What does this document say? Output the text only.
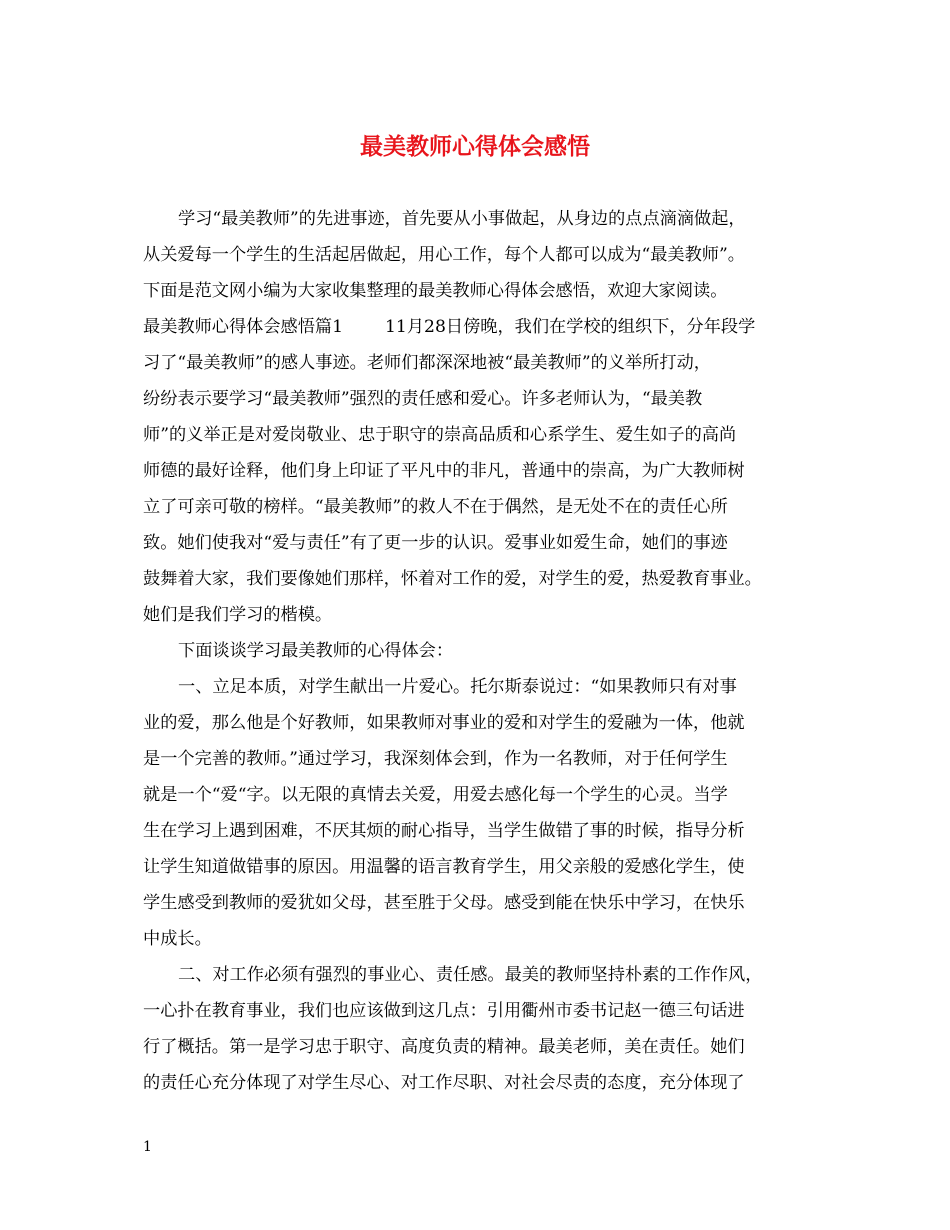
最美教师心得体会感悟
学习“最美教师”的先进事迹，首先要从小事做起，从身边的点点滴滴做起，
从关爱每一个学生的生活起居做起，用心工作，每个人都可以成为“最美教师”。
下面是范文网小编为大家收集整理的最美教师心得体会感悟，欢迎大家阅读。
最美教师心得体会感悟篇1 11月28日傍晚，我们在学校的组织下，分年段学
习了“最美教师”的感人事迹。老师们都深深地被“最美教师”的义举所打动，
纷纷表示要学习“最美教师”强烈的责任感和爱心。许多老师认为，“最美教
师”的义举正是对爱岗敬业、忠于职守的崇高品质和心系学生、爱生如子的高尚
师德的最好诠释，他们身上印证了平凡中的非凡，普通中的崇高，为广大教师树
立了可亲可敬的榜样。“最美教师”的救人不在于偶然，是无处不在的责任心所
致。她们使我对“爱与责任”有了更一步的认识。爱事业如爱生命，她们的事迹
鼓舞着大家，我们要像她们那样，怀着对工作的爱，对学生的爱，热爱教育事业。
她们是我们学习的楷模。
下面谈谈学习最美教师的心得体会：
一、立足本质，对学生献出一片爱心。托尔斯泰说过：“如果教师只有对事
业的爱，那么他是个好教师，如果教师对事业的爱和对学生的爱融为一体，他就
是一个完善的教师。”通过学习，我深刻体会到，作为一名教师，对于任何学生
就是一个“爱“字。以无限的真情去关爱，用爱去感化每一个学生的心灵。当学
生在学习上遇到困难，不厌其烦的耐心指导，当学生做错了事的时候，指导分析
让学生知道做错事的原因。用温馨的语言教育学生，用父亲般的爱感化学生，使
学生感受到教师的爱犹如父母，甚至胜于父母。感受到能在快乐中学习，在快乐
中成长。
二、对工作必须有强烈的事业心、责任感。最美的教师坚持朴素的工作作风，
一心扑在教育事业，我们也应该做到这几点：引用衢州市委书记赵一德三句话进
行了概括。第一是学习忠于职守、高度负责的精神。最美老师，美在责任。她们
的责任心充分体现了对学生尽心、对工作尽职、对社会尽责的态度，充分体现了
1
